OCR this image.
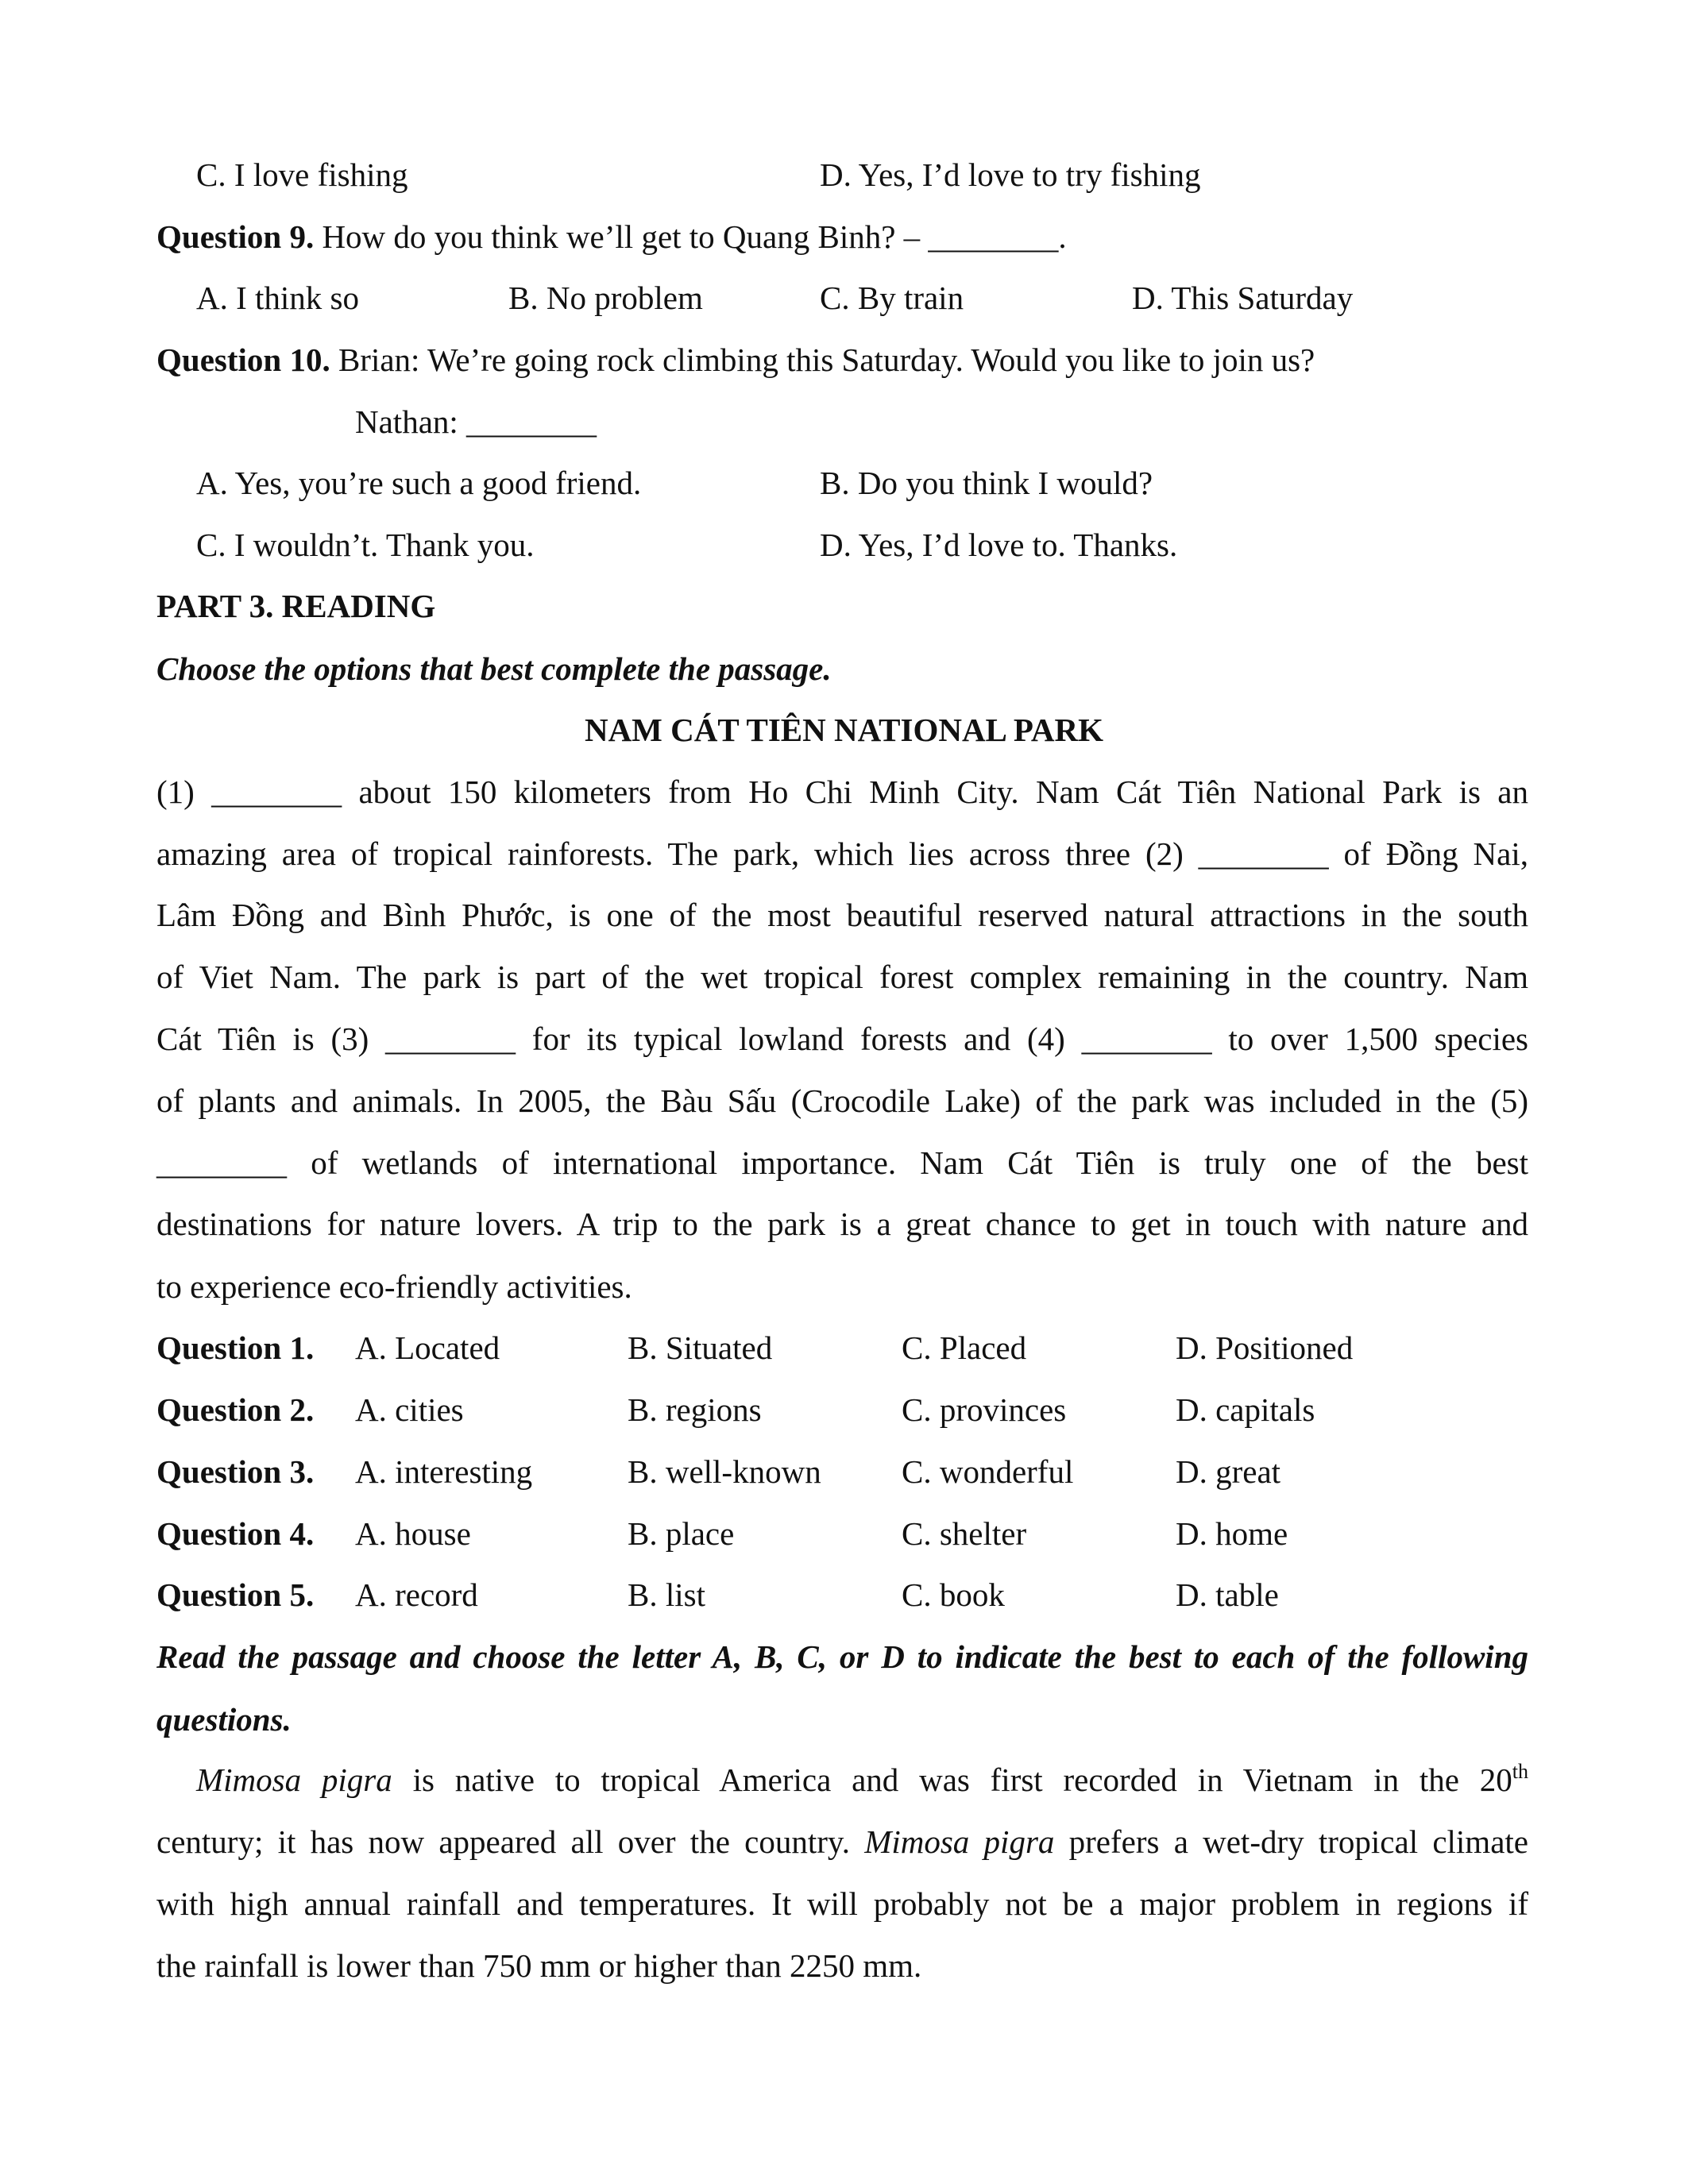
C. I love fishing	D. Yes, I’d love to try fishing
Question 9. How do you think we’ll get to Quang Binh? – ________.
A. I think so	B. No problem	C. By train	D. This Saturday
Question 10. Brian: We’re going rock climbing this Saturday. Would you like to join us?
Nathan: ________
A. Yes, you’re such a good friend.	B. Do you think I would?
C. I wouldn’t. Thank you.	D. Yes, I’d love to. Thanks.
PART 3. READING
Choose the options that best complete the passage.
NAM CÁT TIÊN NATIONAL PARK
(1) ________ about 150 kilometers from Ho Chi Minh City. Nam Cát Tiên National Park is an
amazing area of tropical rainforests. The park, which lies across three (2) ________ of Đồng Nai,
Lâm Đồng and Bình Phước, is one of the most beautiful reserved natural attractions in the south
of Viet Nam. The park is part of the wet tropical forest complex remaining in the country. Nam
Cát Tiên is (3) ________ for its typical lowland forests and (4) ________ to over 1,500 species
of plants and animals. In 2005, the Bàu Sấu (Crocodile Lake) of the park was included in the (5)
________ of wetlands of international importance. Nam Cát Tiên is truly one of the best
destinations for nature lovers. A trip to the park is a great chance to get in touch with nature and
to experience eco-friendly activities.
Question 1. A. Located	B. Situated	C. Placed	D. Positioned
Question 2. A. cities	B. regions	C. provinces	D. capitals
Question 3. A. interesting	B. well-known C. wonderful	D. great
Question 4. A. house	B. place	C. shelter	D. home
Question 5. A. record	B. list	C. book	D. table
Read the passage and choose the letter A, B, C, or D to indicate the best to each of the following
questions.
Mimosa pigra is native to tropical America and was first recorded in Vietnam in the 20th
century; it has now appeared all over the country. Mimosa pigra prefers a wet-dry tropical climate
with high annual rainfall and temperatures. It will probably not be a major problem in regions if
the rainfall is lower than 750 mm or higher than 2250 mm.
